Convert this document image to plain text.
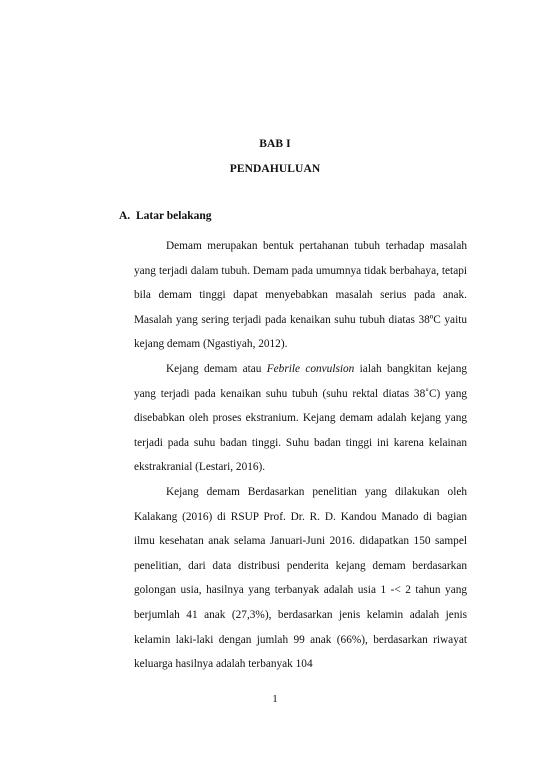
BAB I
PENDAHULUAN
A. Latar belakang

Demam merupakan bentuk pertahanan tubuh terhadap masalah yang terjadi dalam tubuh. Demam pada umumnya tidak berbahaya, tetapi bila demam tinggi dapat menyebabkan masalah serius pada anak. Masalah yang sering terjadi pada kenaikan suhu tubuh diatas 38ºC yaitu kejang demam (Ngastiyah, 2012).

Kejang demam atau Febrile convulsion ialah bangkitan kejang yang terjadi pada kenaikan suhu tubuh (suhu rektal diatas 38˚C) yang disebabkan oleh proses ekstranium. Kejang demam adalah kejang yang terjadi pada suhu badan tinggi. Suhu badan tinggi ini karena kelainan ekstrakranial (Lestari, 2016).

Kejang demam Berdasarkan penelitian yang dilakukan oleh Kalakang (2016) di RSUP Prof. Dr. R. D. Kandou Manado di bagian ilmu kesehatan anak selama Januari-Juni 2016. didapatkan 150 sampel penelitian, dari data distribusi penderita kejang demam berdasarkan golongan usia, hasilnya yang terbanyak adalah usia 1 -< 2 tahun yang berjumlah 41 anak (27,3%), berdasarkan jenis kelamin adalah jenis kelamin laki-laki dengan jumlah 99 anak (66%), berdasarkan riwayat keluarga hasilnya adalah terbanyak 104

1
